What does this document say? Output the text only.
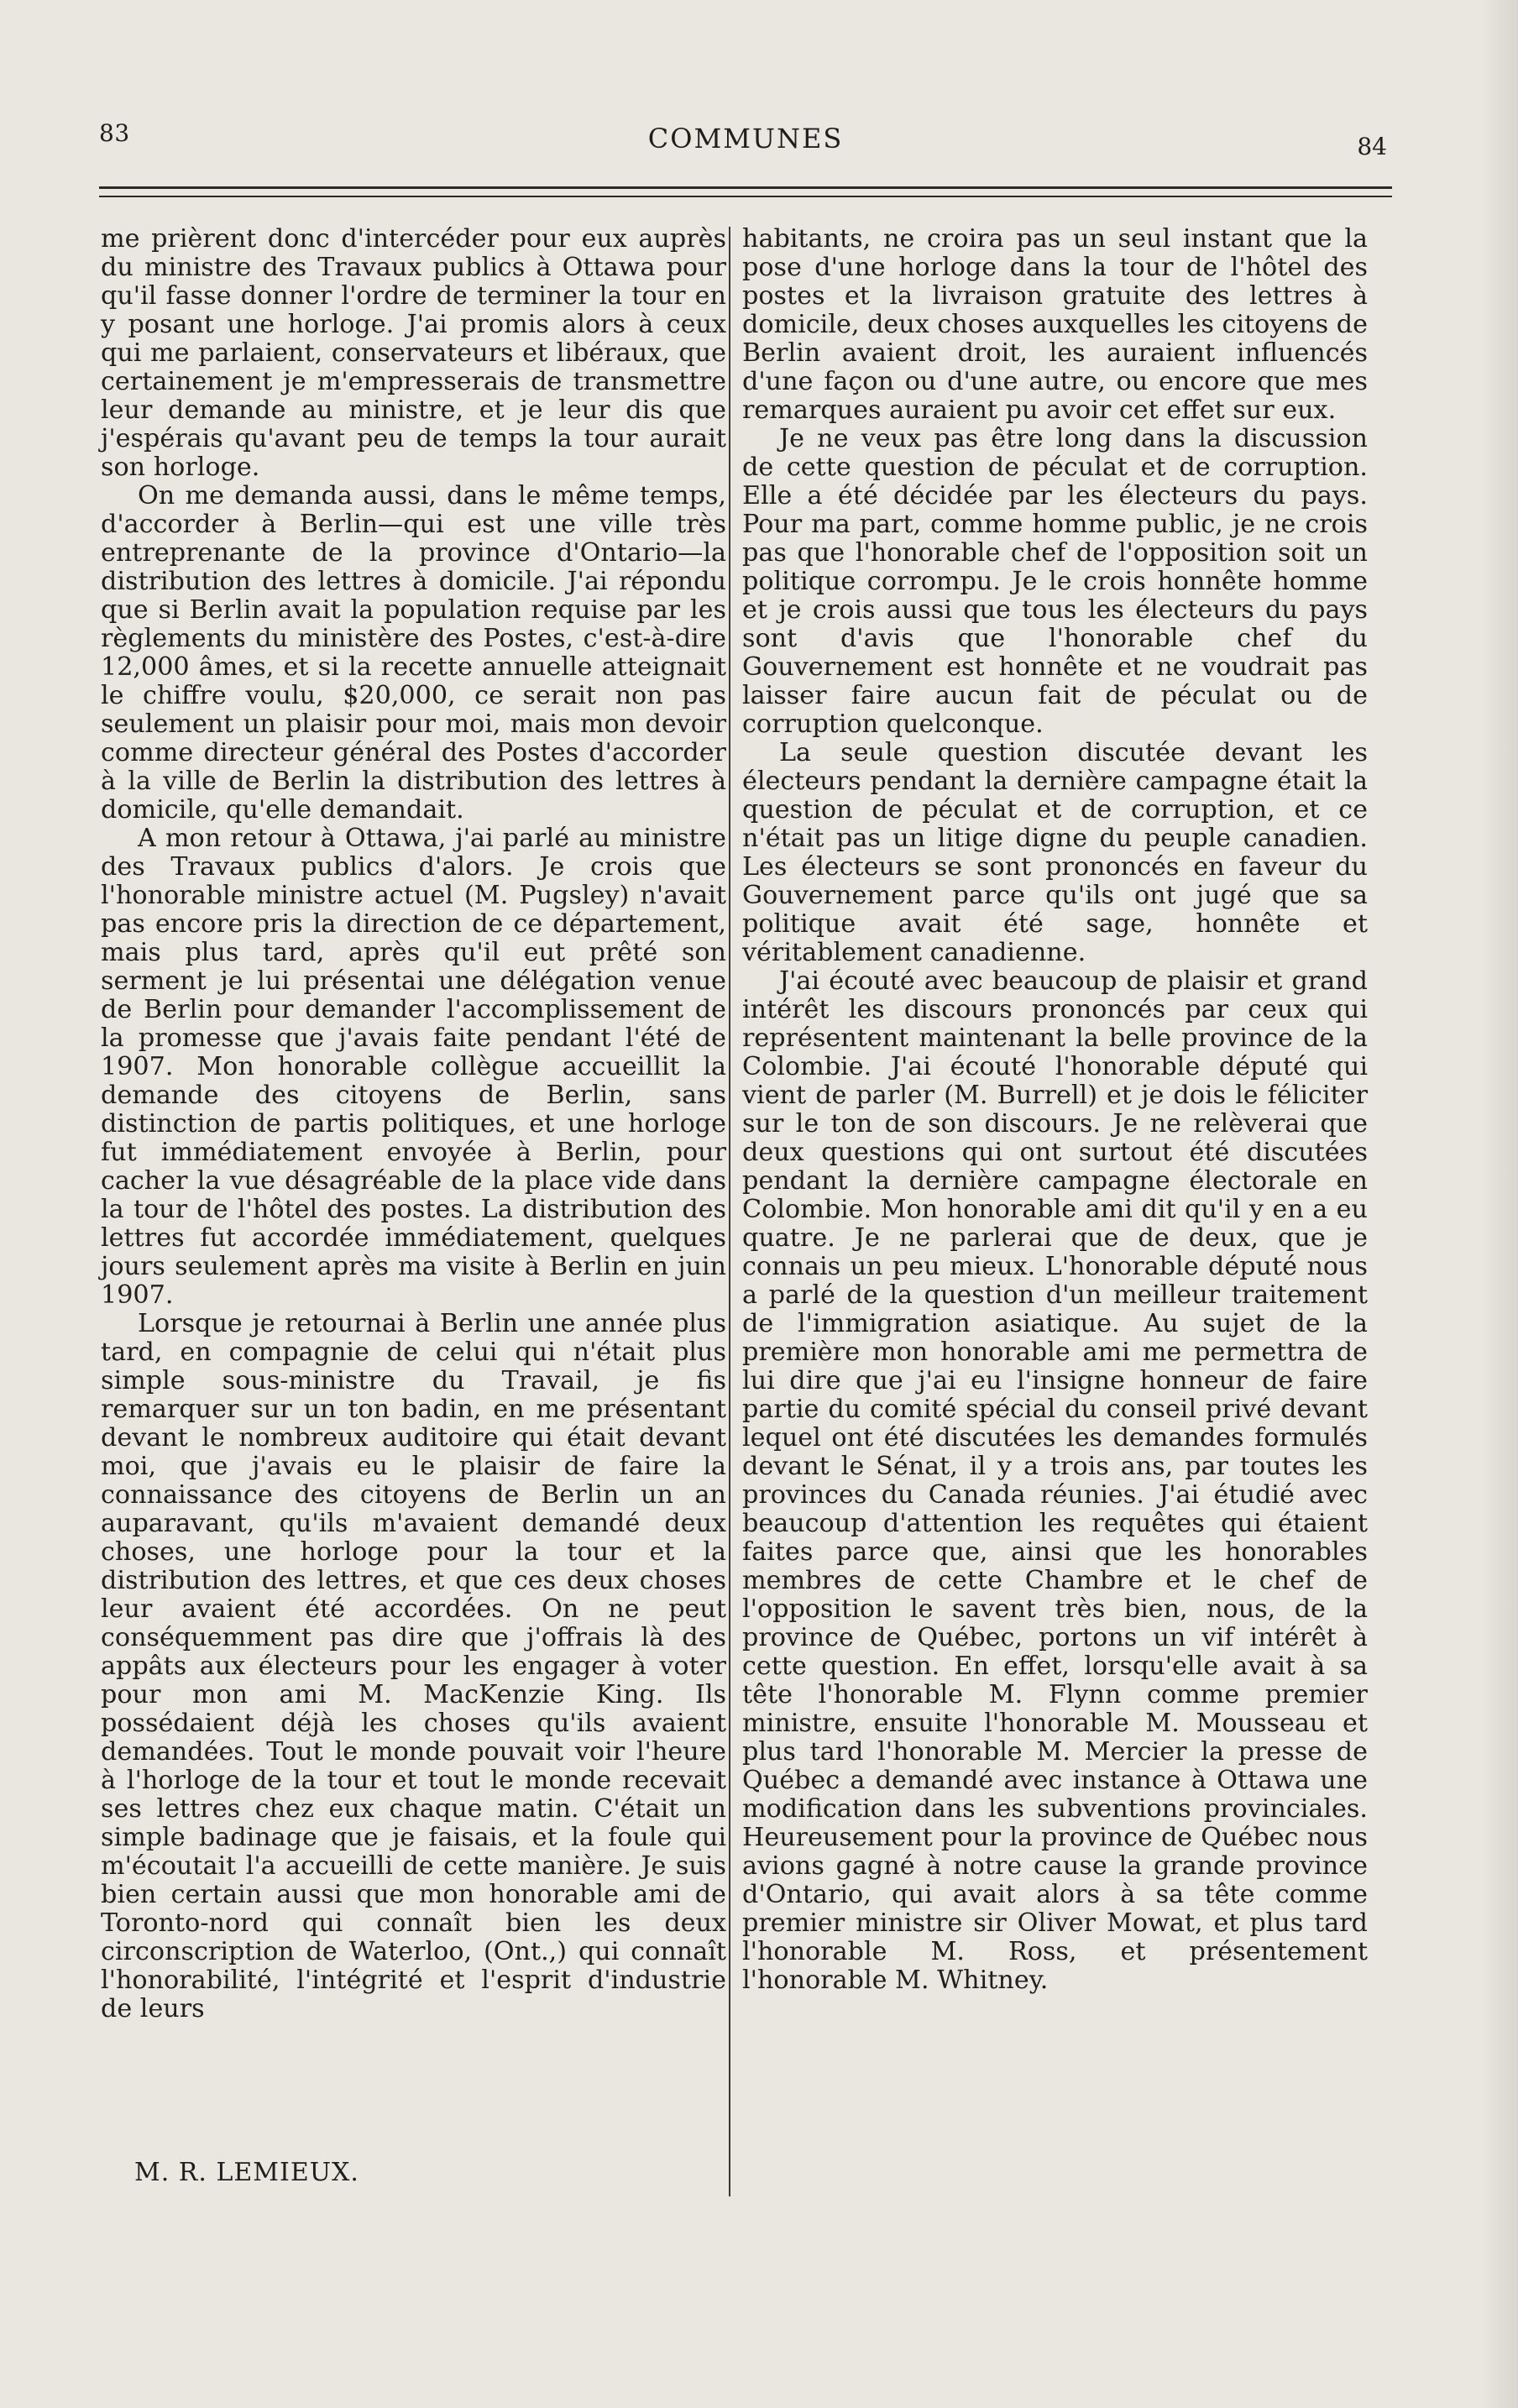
83	COMMUNES	84

me prièrent donc d'intercéder pour eux auprès du ministre des Travaux publics à Ottawa pour qu'il fasse donner l'ordre de terminer la tour en y posant une horloge. J'ai promis alors à ceux qui me parlaient, conservateurs et libéraux, que certainement je m'empresserais de transmettre leur demande au ministre, et je leur dis que j'espérais qu'avant peu de temps la tour aurait son horloge.

On me demanda aussi, dans le même temps, d'accorder à Berlin—qui est une ville très entreprenante de la province d'Ontario—la distribution des lettres à domicile. J'ai répondu que si Berlin avait la population requise par les règlements du ministère des Postes, c'est-à-dire 12,000 âmes, et si la recette annuelle atteignait le chiffre voulu, $20,000, ce serait non pas seulement un plaisir pour moi, mais mon devoir comme directeur général des Postes d'accorder à la ville de Berlin la distribution des lettres à domicile, qu'elle demandait.

A mon retour à Ottawa, j'ai parlé au ministre des Travaux publics d'alors. Je crois que l'honorable ministre actuel (M. Pugsley) n'avait pas encore pris la direction de ce département, mais plus tard, après qu'il eut prêté son serment je lui présentai une délégation venue de Berlin pour demander l'accomplissement de la promesse que j'avais faite pendant l'été de 1907. Mon honorable collègue accueillit la demande des citoyens de Berlin, sans distinction de partis politiques, et une horloge fut immédiatement envoyée à Berlin, pour cacher la vue désagréable de la place vide dans la tour de l'hôtel des postes. La distribution des lettres fut accordée immédiatement, quelques jours seulement après ma visite à Berlin en juin 1907.

Lorsque je retournai à Berlin une année plus tard, en compagnie de celui qui n'était plus simple sous-ministre du Travail, je fis remarquer sur un ton badin, en me présentant devant le nombreux auditoire qui était devant moi, que j'avais eu le plaisir de faire la connaissance des citoyens de Berlin un an auparavant, qu'ils m'avaient demandé deux choses, une horloge pour la tour et la distribution des lettres, et que ces deux choses leur avaient été accordées. On ne peut conséquemment pas dire que j'offrais là des appâts aux électeurs pour les engager à voter pour mon ami M. MacKenzie King. Ils possédaient déjà les choses qu'ils avaient demandées. Tout le monde pouvait voir l'heure à l'horloge de la tour et tout le monde recevait ses lettres chez eux chaque matin. C'était un simple badinage que je faisais, et la foule qui m'écoutait l'a accueilli de cette manière. Je suis bien certain aussi que mon honorable ami de Toronto-nord qui connaît bien les deux circonscription de Waterloo, (Ont.,) qui connaît l'honorabilité, l'intégrité et l'esprit d'industrie de leurs

habitants, ne croira pas un seul instant que la pose d'une horloge dans la tour de l'hôtel des postes et la livraison gratuite des lettres à domicile, deux choses auxquelles les citoyens de Berlin avaient droit, les auraient influencés d'une façon ou d'une autre, ou encore que mes remarques auraient pu avoir cet effet sur eux.

Je ne veux pas être long dans la discussion de cette question de péculat et de corruption. Elle a été décidée par les électeurs du pays. Pour ma part, comme homme public, je ne crois pas que l'honorable chef de l'opposition soit un politique corrompu. Je le crois honnête homme et je crois aussi que tous les électeurs du pays sont d'avis que l'honorable chef du Gouvernement est honnête et ne voudrait pas laisser faire aucun fait de péculat ou de corruption quelconque.

La seule question discutée devant les électeurs pendant la dernière campagne était la question de péculat et de corruption, et ce n'était pas un litige digne du peuple canadien. Les électeurs se sont prononcés en faveur du Gouvernement parce qu'ils ont jugé que sa politique avait été sage, honnête et véritablement canadienne.

J'ai écouté avec beaucoup de plaisir et grand intérêt les discours prononcés par ceux qui représentent maintenant la belle province de la Colombie. J'ai écouté l'honorable député qui vient de parler (M. Burrell) et je dois le féliciter sur le ton de son discours. Je ne relèverai que deux questions qui ont surtout été discutées pendant la dernière campagne électorale en Colombie. Mon honorable ami dit qu'il y en a eu quatre. Je ne parlerai que de deux, que je connais un peu mieux. L'honorable député nous a parlé de la question d'un meilleur traitement de l'immigration asiatique. Au sujet de la première mon honorable ami me permettra de lui dire que j'ai eu l'insigne honneur de faire partie du comité spécial du conseil privé devant lequel ont été discutées les demandes formulés devant le Sénat, il y a trois ans, par toutes les provinces du Canada réunies. J'ai étudié avec beaucoup d'attention les requêtes qui étaient faites parce que, ainsi que les honorables membres de cette Chambre et le chef de l'opposition le savent très bien, nous, de la province de Québec, portons un vif intérêt à cette question. En effet, lorsqu'elle avait à sa tête l'honorable M. Flynn comme premier ministre, ensuite l'honorable M. Mousseau et plus tard l'honorable M. Mercier la presse de Québec a demandé avec instance à Ottawa une modification dans les subventions provinciales. Heureusement pour la province de Québec nous avions gagné à notre cause la grande province d'Ontario, qui avait alors à sa tête comme premier ministre sir Oliver Mowat, et plus tard l'honorable M. Ross, et présentement l'honorable M. Whitney.

M. R. LEMIEUX.
